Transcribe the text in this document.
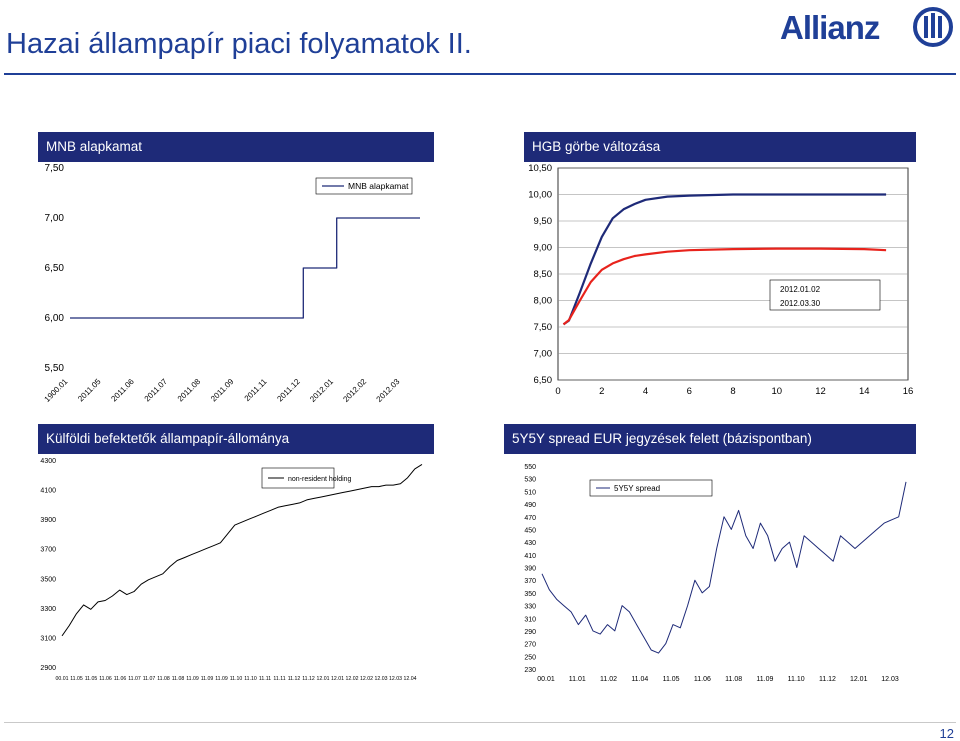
Hazai állampapír piaci folyamatok II.	Allianz
MNB alapkamat
7,50
7,00
6,50
6,00
5,50
1900.01 2011.05 2011.06 2011.07 2011.08 2011.09 2011.11 2011.12 2012.01 2012.02 2012.03
MNB alapkamat
HGB görbe változása
10,50
10,00
9,50
9,00
8,50
8,00
7,50
7,00
6,50
0	2	4	6	8	10	12	14	16
2012.01.02
2012.03.30
Külföldi befektetők állampapír-állománya
4300
4100
3900
3700
3500
3300
3100
2900
00.01 11.05 11.05 11.06 11.06 11.07 11.07 11.08 11.08 11.09 11.09 11.09 11.10 11.10 11.11 11.11 11.12 11.12 12.01 12.01 12.02 12.02 12.03 12.03 12.04
non-resident holding
5Y5Y spread EUR jegyzések felett (bázispontban)
550
530
510
490
470
450
430
410
390
370
350
330
310
290
270
250
230
00.01 11.01 11.02 11.04 11.05 11.06 11.08 11.09 11.10 11.12 12.01 12.03
5Y5Y spread
12
